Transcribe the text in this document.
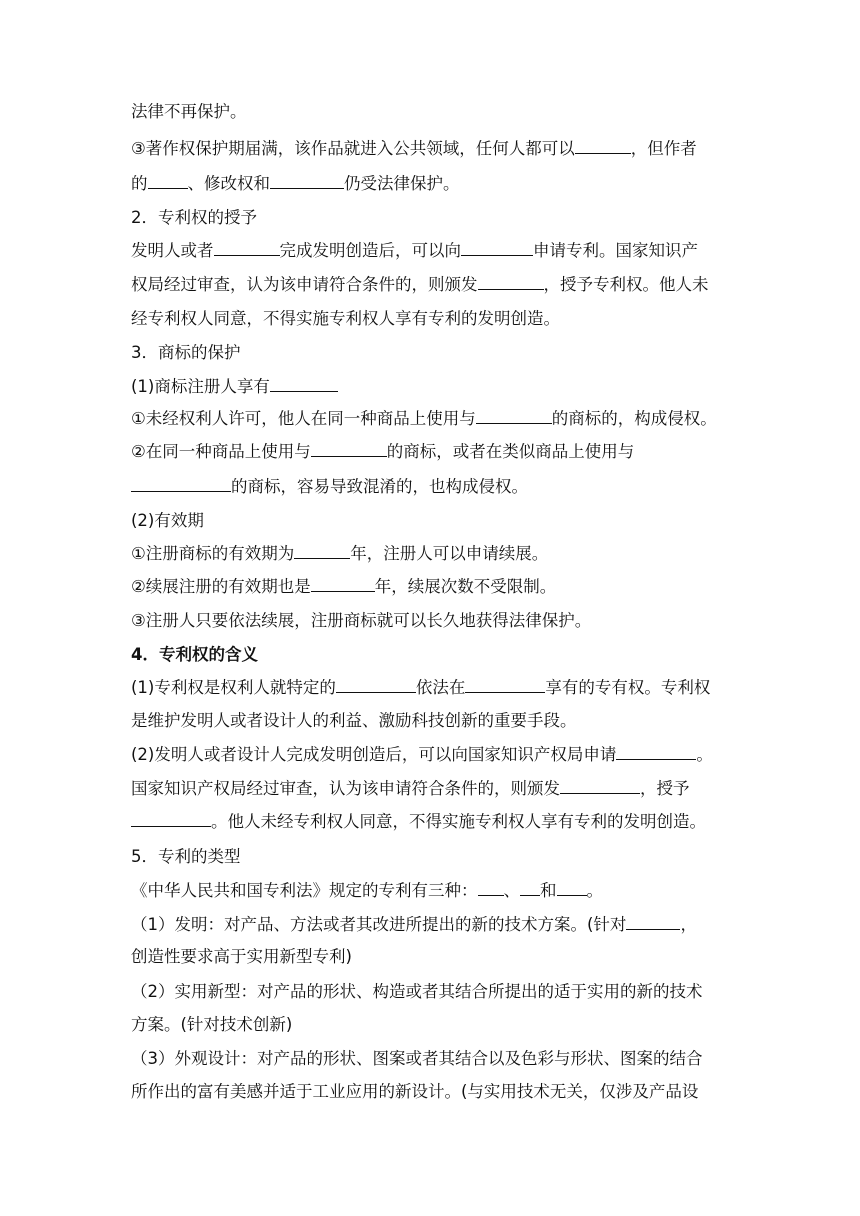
法律不再保护。
③著作权保护期届满，该作品就进入公共领域，任何人都可以	，但作者
的 、修改权和	仍受法律保护。
2．专利权的授予
发明人或者	完成发明创造后，可以向	申请专利。国家知识产
权局经过审查，认为该申请符合条件的，则颁发	，授予专利权。他人未
经专利权人同意，不得实施专利权人享有专利的发明创造。
3．商标的保护
(1)商标注册人享有
①未经权利人许可，他人在同一种商品上使用与	的商标的，构成侵权。
②在同一种商品上使用与	的商标，或者在类似商品上使用与
的商标，容易导致混淆的，也构成侵权。
(2)有效期
①注册商标的有效期为	年，注册人可以申请续展。
②续展注册的有效期也是	年，续展次数不受限制。
③注册人只要依法续展，注册商标就可以长久地获得法律保护。
4．专利权的含义
(1)专利权是权利人就特定的	依法在	享有的专有权。专利权
是维护发明人或者设计人的利益、激励科技创新的重要手段。
(2)发明人或者设计人完成发明创造后，可以向国家知识产权局申请	。
国家知识产权局经过审查，认为该申请符合条件的，则颁发	，授予
。他人未经专利权人同意，不得实施专利权人享有专利的发明创造。
5．专利的类型
《中华人民共和国专利法》规定的专利有三种： 、 和 。
（1）发明：对产品、方法或者其改进所提出的新的技术方案。(针对	，
创造性要求高于实用新型专利)
（2）实用新型：对产品的形状、构造或者其结合所提出的适于实用的新的技术
方案。(针对技术创新)
（3）外观设计：对产品的形状、图案或者其结合以及色彩与形状、图案的结合
所作出的富有美感并适于工业应用的新设计。(与实用技术无关，仅涉及产品设
